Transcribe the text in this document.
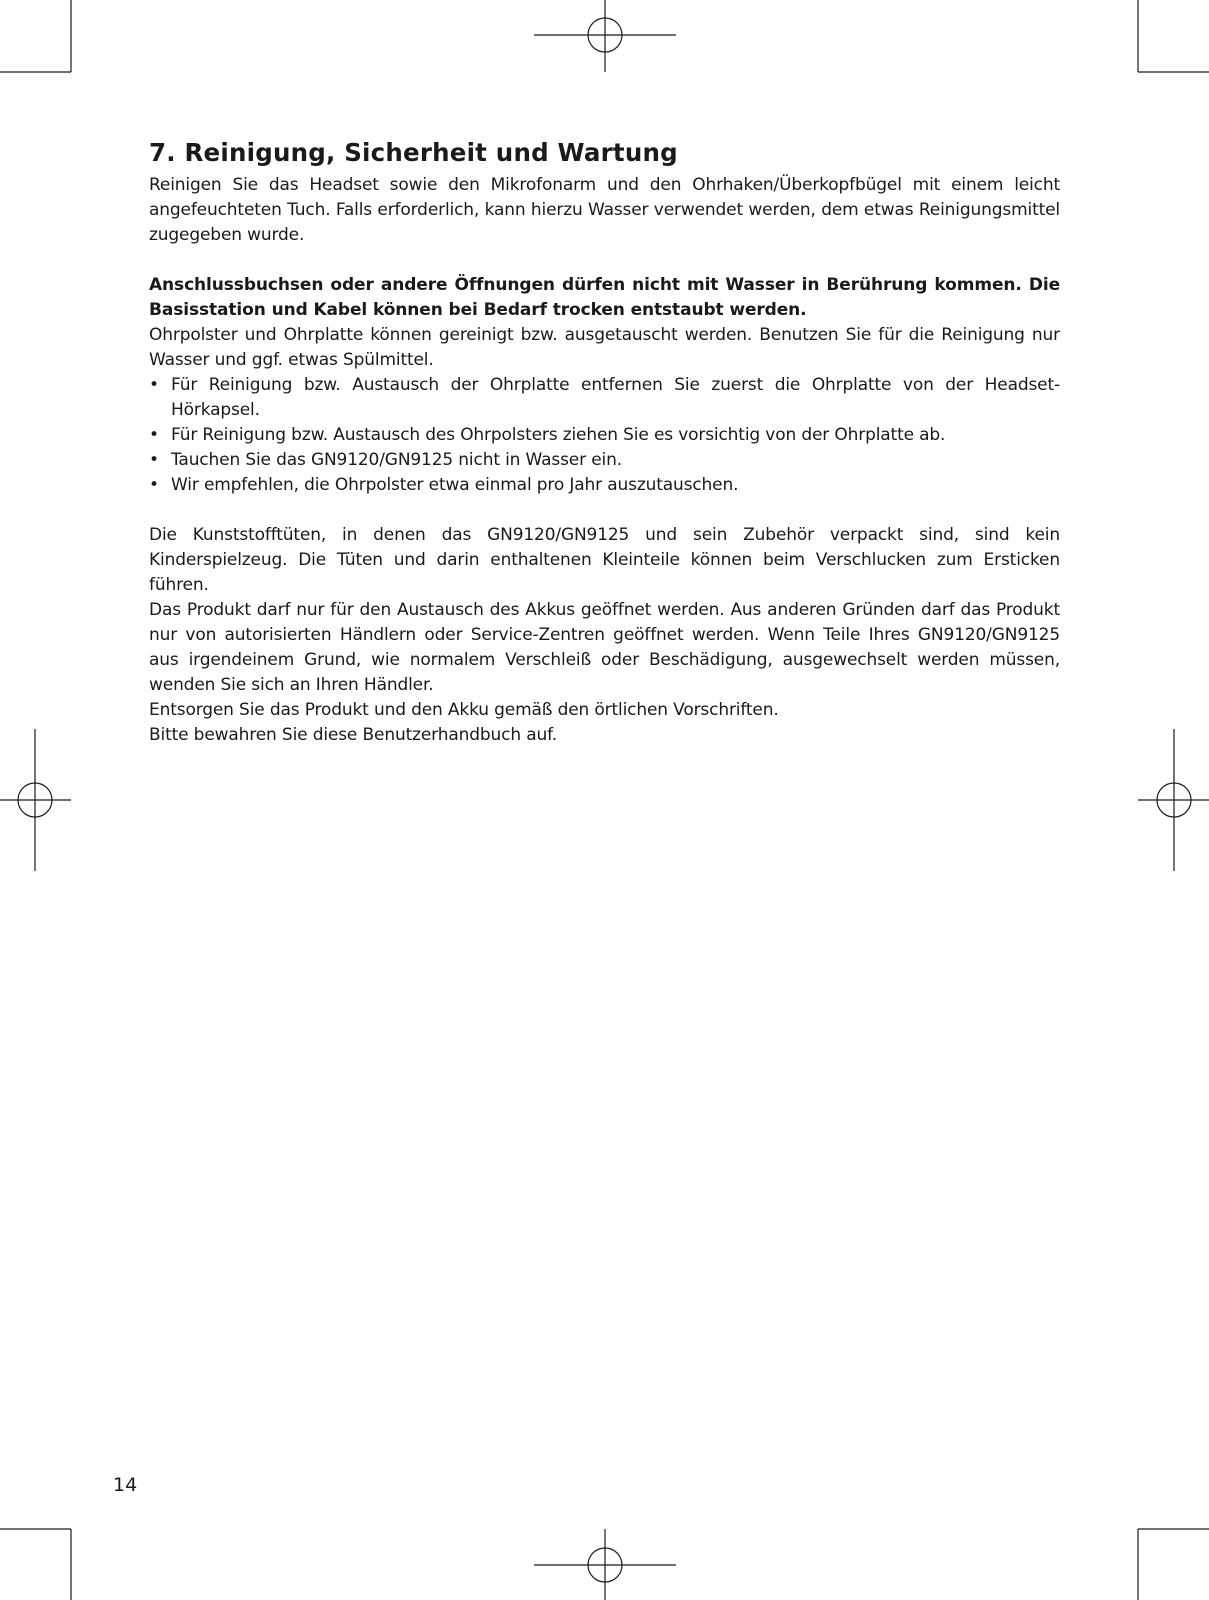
7. Reinigung, Sicherheit und Wartung

Reinigen Sie das Headset sowie den Mikrofonarm und den Ohrhaken/Überkopfbügel mit einem leicht angefeuchteten Tuch. Falls erforderlich, kann hierzu Wasser verwendet werden, dem etwas Reinigungsmittel zugegeben wurde.

Anschlussbuchsen oder andere Öffnungen dürfen nicht mit Wasser in Berührung kommen. Die Basisstation und Kabel können bei Bedarf trocken entstaubt werden.

Ohrpolster und Ohrplatte können gereinigt bzw. ausgetauscht werden. Benutzen Sie für die Reinigung nur Wasser und ggf. etwas Spülmittel.

• Für Reinigung bzw. Austausch der Ohrplatte entfernen Sie zuerst die Ohrplatte von der Headset-Hörkapsel.
• Für Reinigung bzw. Austausch des Ohrpolsters ziehen Sie es vorsichtig von der Ohrplatte ab.
• Tauchen Sie das GN9120/GN9125 nicht in Wasser ein.
• Wir empfehlen, die Ohrpolster etwa einmal pro Jahr auszutauschen.

Die Kunststofftüten, in denen das GN9120/GN9125 und sein Zubehör verpackt sind, sind kein Kinderspielzeug. Die Tüten und darin enthaltenen Kleinteile können beim Verschlucken zum Ersticken führen.

Das Produkt darf nur für den Austausch des Akkus geöffnet werden. Aus anderen Gründen darf das Produkt nur von autorisierten Händlern oder Service-Zentren geöffnet werden. Wenn Teile Ihres GN9120/GN9125 aus irgendeinem Grund, wie normalem Verschleiß oder Beschädigung, ausgewechselt werden müssen, wenden Sie sich an Ihren Händler.

Entsorgen Sie das Produkt und den Akku gemäß den örtlichen Vorschriften.

Bitte bewahren Sie diese Benutzerhandbuch auf.

14
